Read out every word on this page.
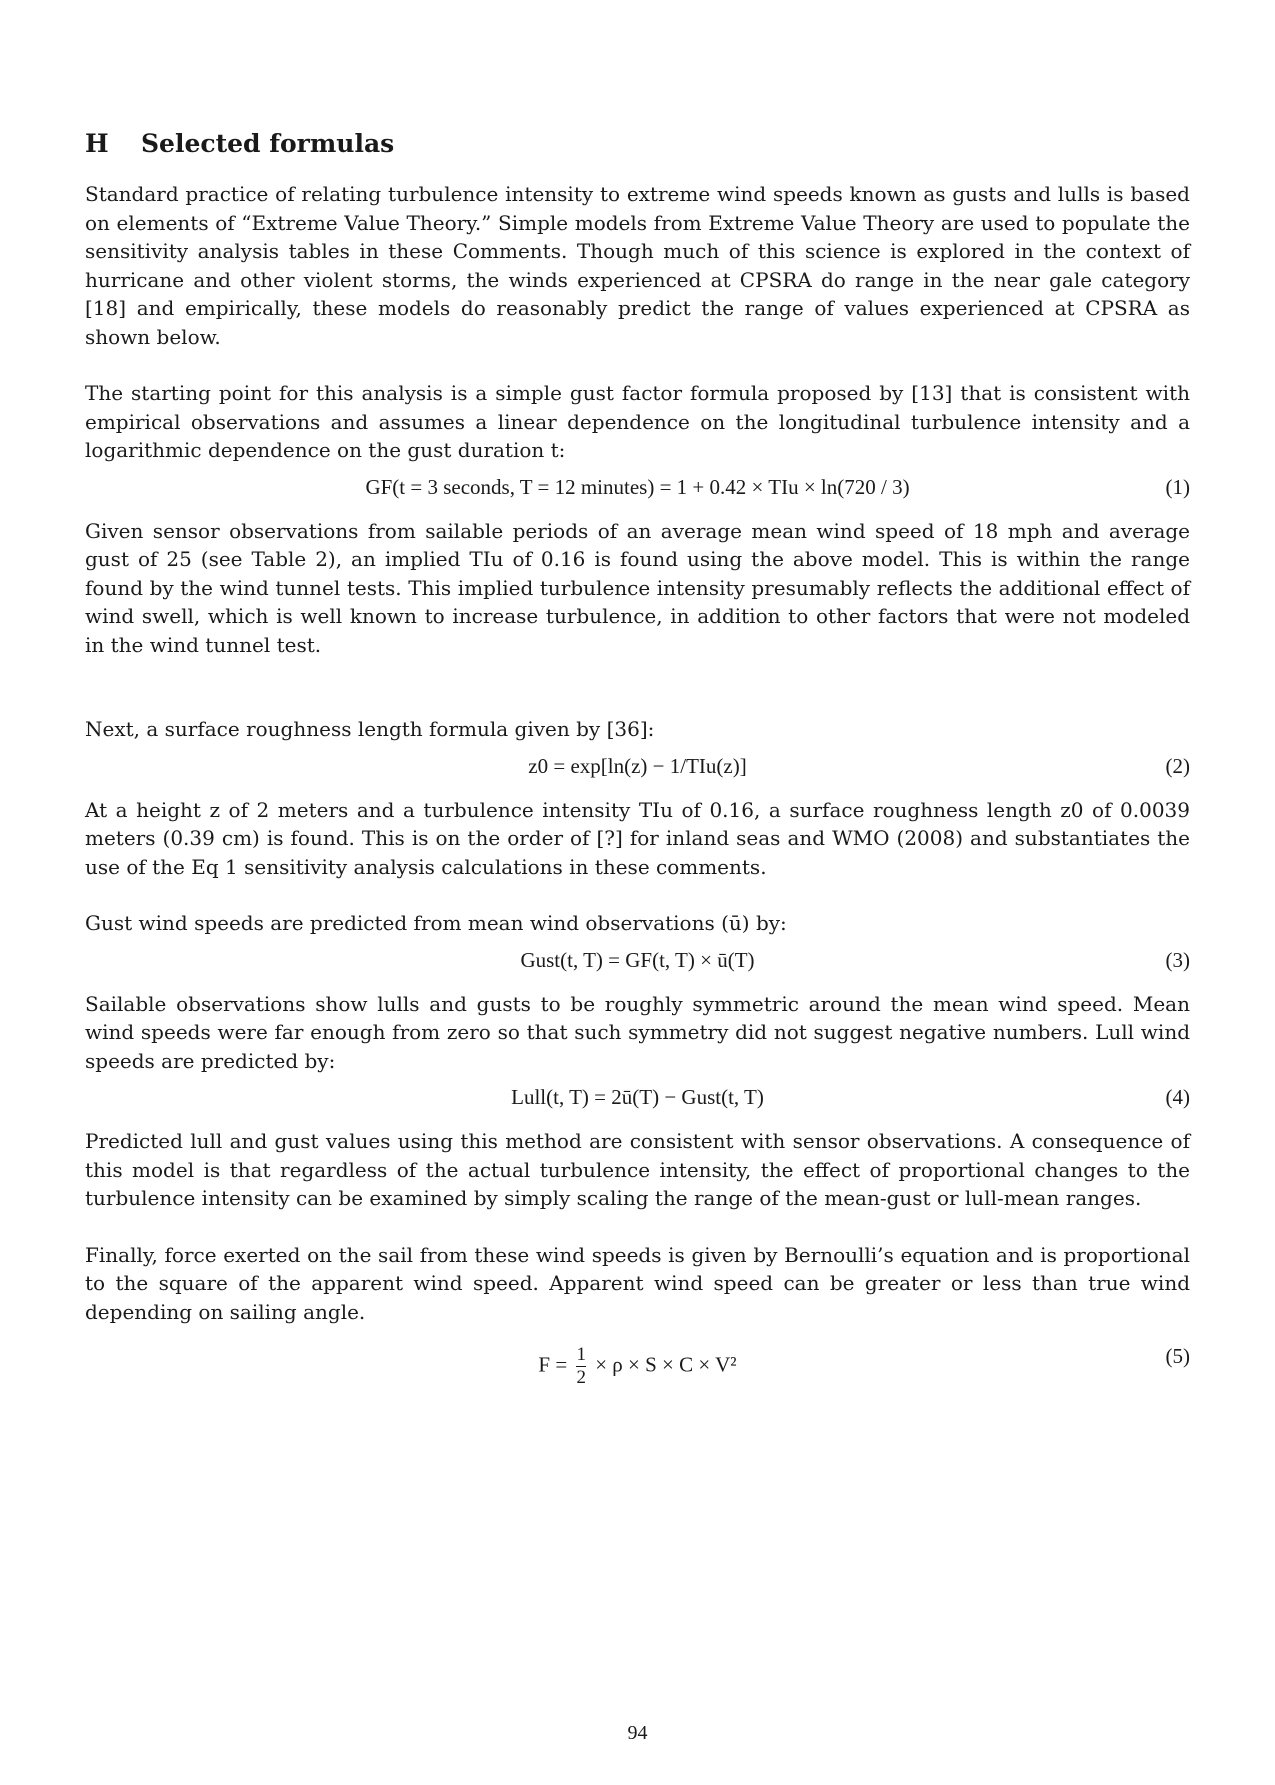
H Selected formulas

Standard practice of relating turbulence intensity to extreme wind speeds known as gusts and lulls is based on elements of “Extreme Value Theory.” Simple models from Extreme Value Theory are used to populate the sensitivity analysis tables in these Comments. Though much of this science is explored in the context of hurricane and other violent storms, the winds experienced at CPSRA do range in the near gale category [18] and empirically, these models do reasonably predict the range of values experienced at CPSRA as shown below.

The starting point for this analysis is a simple gust factor formula proposed by [13] that is consistent with empirical observations and assumes a linear dependence on the longitudinal turbulence intensity and a logarithmic dependence on the gust duration t:

GF(t = 3 seconds, T = 12 minutes) = 1 + 0.42 × TIu × ln(720 / 3)	(1)

Given sensor observations from sailable periods of an average mean wind speed of 18 mph and average gust of 25 (see Table 2), an implied TIu of 0.16 is found using the above model. This is within the range found by the wind tunnel tests. This implied turbulence intensity presumably reflects the additional effect of wind swell, which is well known to increase turbulence, in addition to other factors that were not modeled in the wind tunnel test.

Next, a surface roughness length formula given by [36]:

z0 = exp[ln(z) − 1/TIu(z)]	(2)

At a height z of 2 meters and a turbulence intensity TIu of 0.16, a surface roughness length z0 of 0.0039 meters (0.39 cm) is found. This is on the order of [?] for inland seas and WMO (2008) and substantiates the use of the Eq 1 sensitivity analysis calculations in these comments.

Gust wind speeds are predicted from mean wind observations (ū) by:

Gust(t, T) = GF(t, T) × ū(T)	(3)

Sailable observations show lulls and gusts to be roughly symmetric around the mean wind speed. Mean wind speeds were far enough from zero so that such symmetry did not suggest negative numbers. Lull wind speeds are predicted by:

Lull(t, T) = 2ū(T) − Gust(t, T)	(4)

Predicted lull and gust values using this method are consistent with sensor observations. A consequence of this model is that regardless of the actual turbulence intensity, the effect of proportional changes to the turbulence intensity can be examined by simply scaling the range of the mean-gust or lull-mean ranges.

Finally, force exerted on the sail from these wind speeds is given by Bernoulli’s equation and is proportional to the square of the apparent wind speed. Apparent wind speed can be greater or less than true wind depending on sailing angle.

$F = \frac{1}{2} \times \rho \times S \times C \times V^2$	(5)
94
